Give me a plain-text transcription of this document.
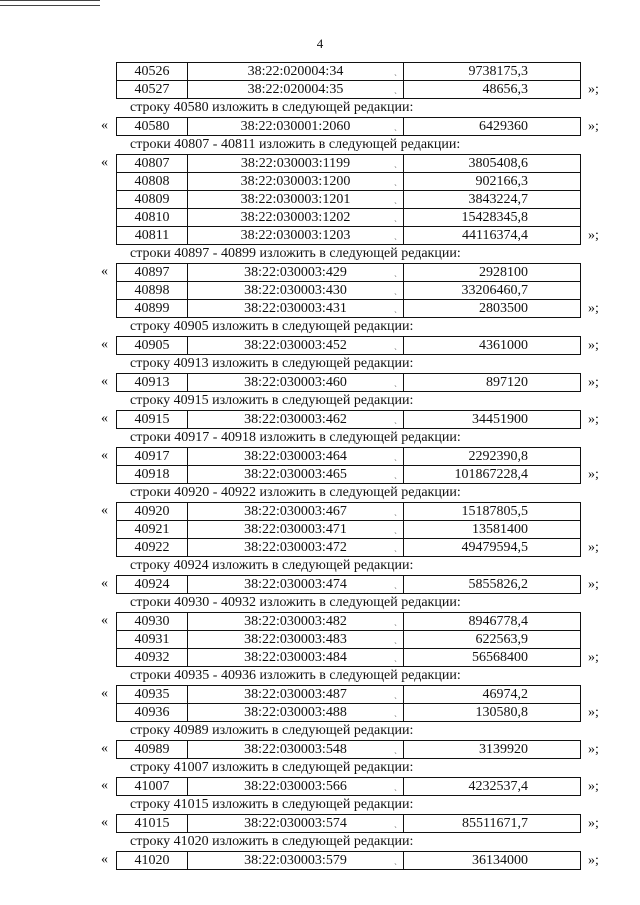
4
40526	38:22:020004:34 ˎ	9738175,3
40527	38:22:020004:35 ˎ	48656,3	»;
строку 40580 изложить в следующей редакции:
« 40580	38:22:030001:2060	ˎ	6429360	»;
строки 40807 - 40811 изложить в следующей редакции:
« 40807	38:22:030003:1199 ˎ	3805408,6
40808	38:22:030003:1200 ˎ	902166,3
40809	38:22:030003:1201 ˎ	3843224,7
40810	38:22:030003:1202 ˎ	15428345,8
40811	38:22:030003:1203 ˎ	44116374,4	»;
строки 40897 - 40899 изложить в следующей редакции:
« 40897	38:22:030003:429 ˎ	2928100
40898	38:22:030003:430 ˎ	33206460,7
40899	38:22:030003:431 ˎ	2803500	»;
строку 40905 изложить в следующей редакции:
« 40905	38:22:030003:452	ˎ	4361000	»;
строку 40913 изложить в следующей редакции:
« 40913	38:22:030003:460	ˎ	897120	»;
строку 40915 изложить в следующей редакции:
« 40915	38:22:030003:462	ˎ	34451900	»;
строки 40917 - 40918 изложить в следующей редакции:
« 40917	38:22:030003:464 ˎ	2292390,8
40918	38:22:030003:465 ˎ	101867228,4	»;
строки 40920 - 40922 изложить в следующей редакции:
« 40920	38:22:030003:467 ˎ	15187805,5
40921	38:22:030003:471 ˎ	13581400
40922	38:22:030003:472 ˎ	49479594,5	»;
строку 40924 изложить в следующей редакции:
« 40924	38:22:030003:474	ˎ	5855826,2	»;
строки 40930 - 40932 изложить в следующей редакции:
« 40930	38:22:030003:482 ˎ	8946778,4
40931	38:22:030003:483 ˎ	622563,9
40932	38:22:030003:484 ˎ	56568400	»;
строки 40935 - 40936 изложить в следующей редакции:
« 40935	38:22:030003:487 ˎ	46974,2
40936	38:22:030003:488 ˎ	130580,8	»;
строку 40989 изложить в следующей редакции:
« 40989	38:22:030003:548	ˎ	3139920	»;
строку 41007 изложить в следующей редакции:
« 41007	38:22:030003:566	ˎ	4232537,4	»;
строку 41015 изложить в следующей редакции:
« 41015	38:22:030003:574	ˎ	85511671,7	»;
строку 41020 изложить в следующей редакции:
« 41020	38:22:030003:579	ˎ	36134000	»;
